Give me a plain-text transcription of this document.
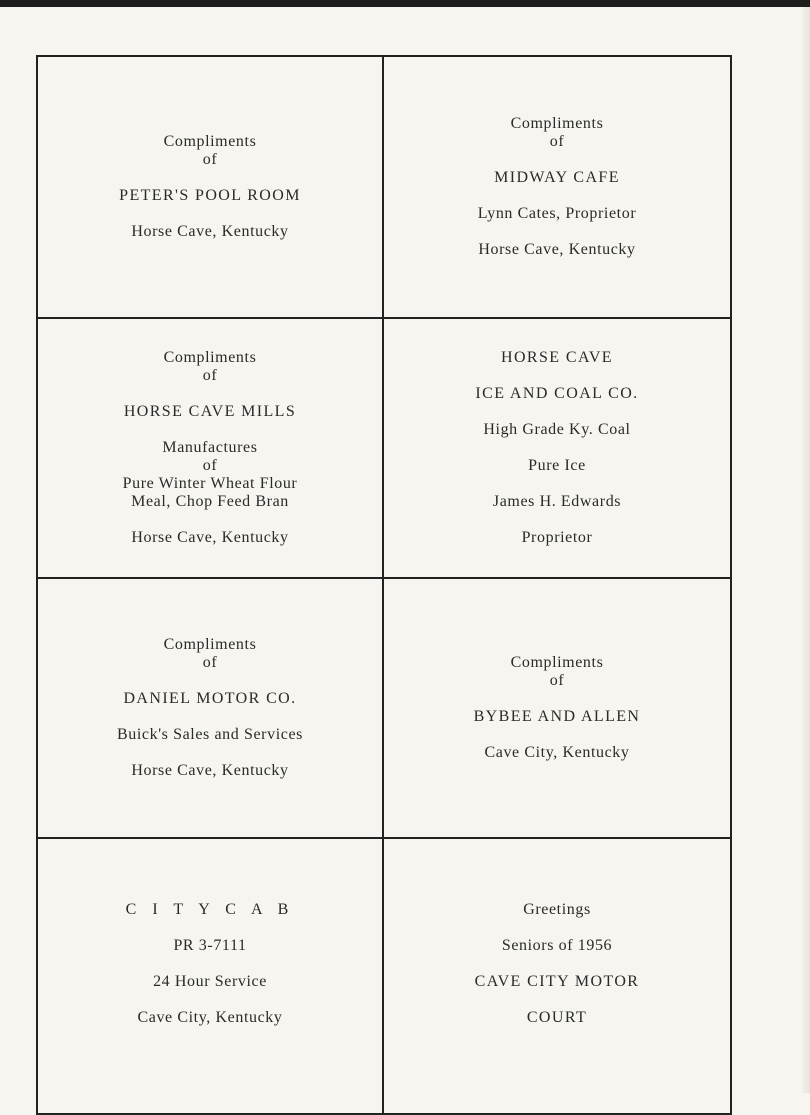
Compliments
of
PETER'S POOL ROOM
Horse Cave, Kentucky
Compliments
of
MIDWAY CAFE
Lynn Cates, Proprietor
Horse Cave, Kentucky
Compliments
of
HORSE CAVE MILLS
Manufactures
of
Pure Winter Wheat Flour
Meal, Chop Feed Bran
Horse Cave, Kentucky
HORSE CAVE
ICE AND COAL CO.
High Grade Ky. Coal
Pure Ice
James H. Edwards
Proprietor
Compliments
of
DANIEL MOTOR CO.
Buick's Sales and Services
Horse Cave, Kentucky
Compliments
of
BYBEE AND ALLEN
Cave City, Kentucky
C I T Y C A B
PR 3-7111
24 Hour Service
Cave City, Kentucky
Greetings
Seniors of 1956
CAVE CITY MOTOR
COURT
